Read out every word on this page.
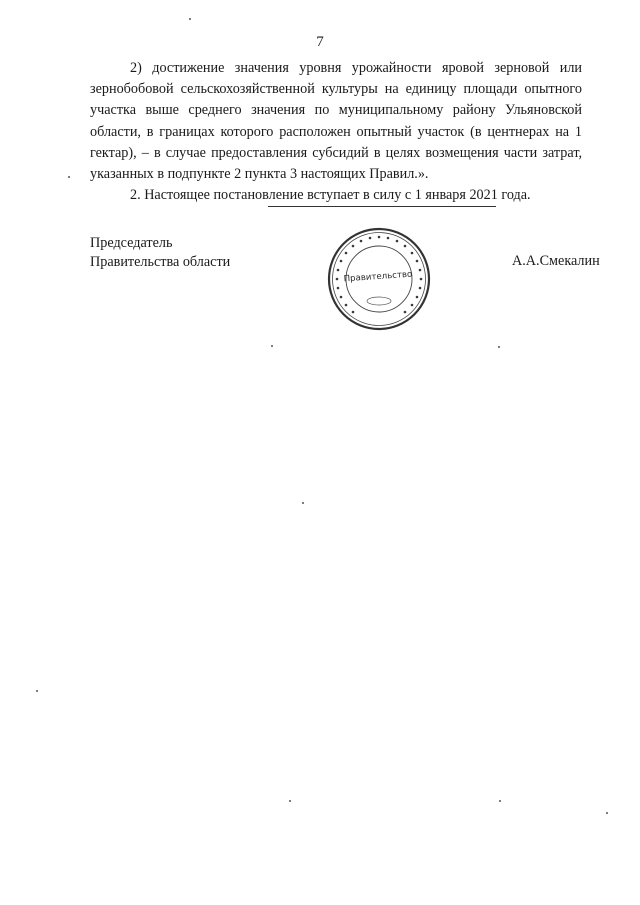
7

2) достижение значения уровня урожайности яровой зерновой или зернобобовой сельскохозяйственной культуры на единицу площади опытного участка выше среднего значения по муниципальному району Ульяновской области, в границах которого расположен опытный участок (в центнерах на 1 гектар), – в случае предоставления субсидий в целях возмещения части затрат, указанных в подпункте 2 пункта 3 настоящих Правил.».

2. Настоящее постановление вступает в силу с 1 января 2021 года.

Председатель
Правительства области
Правительство
А.А.Смекалин
